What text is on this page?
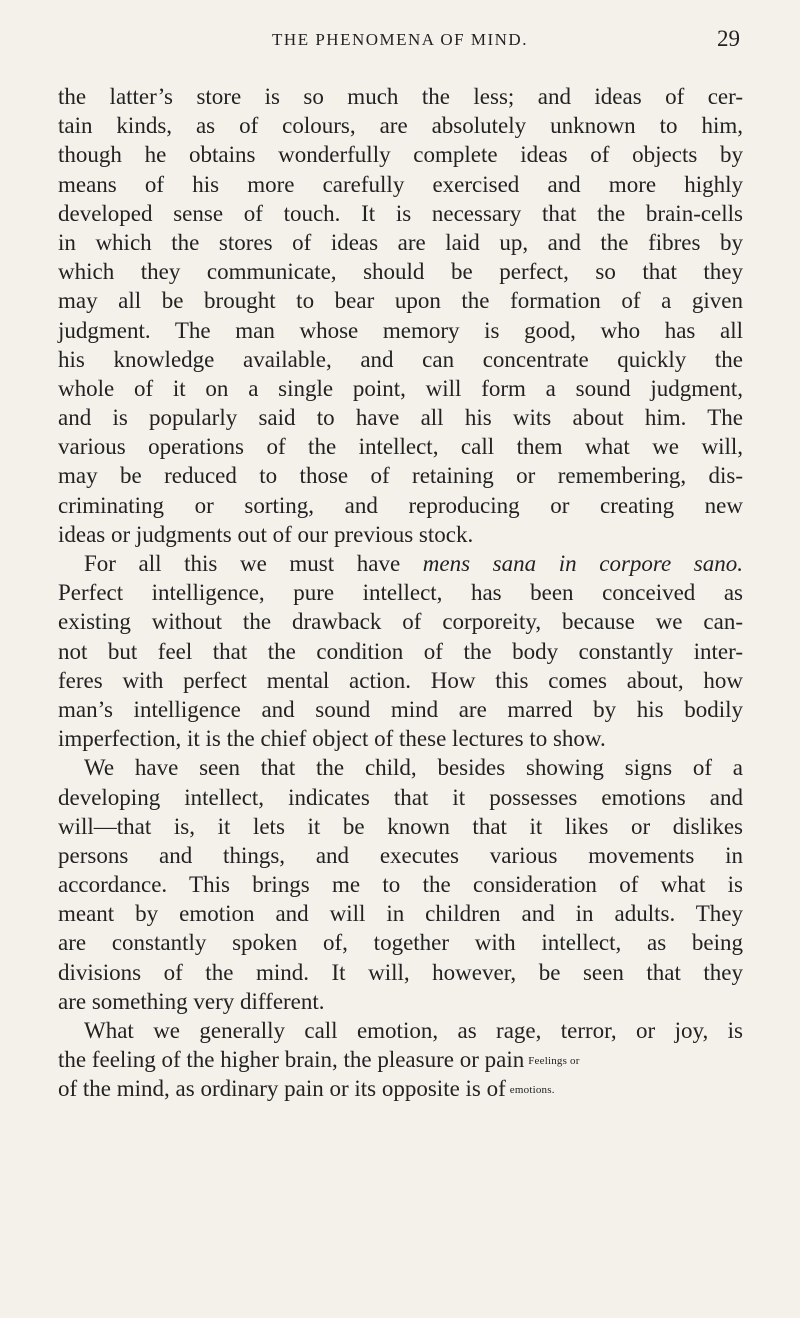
THE PHENOMENA OF MIND.	29
the latter’s store is so much the less; and ideas of cer-
tain kinds, as of colours, are absolutely unknown to him,
though he obtains wonderfully complete ideas of objects by
means of his more carefully exercised and more highly
developed sense of touch. It is necessary that the brain-cells
in which the stores of ideas are laid up, and the fibres by
which they communicate, should be perfect, so that they
may all be brought to bear upon the formation of a given
judgment. The man whose memory is good, who has all
his knowledge available, and can concentrate quickly the
whole of it on a single point, will form a sound judgment,
and is popularly said to have all his wits about him. The
various operations of the intellect, call them what we will,
may be reduced to those of retaining or remembering, dis-
criminating or sorting, and reproducing or creating new
ideas or judgments out of our previous stock.
For all this we must have mens sana in corpore sano.
Perfect intelligence, pure intellect, has been conceived as
existing without the drawback of corporeity, because we can-
not but feel that the condition of the body constantly inter-
feres with perfect mental action. How this comes about, how
man’s intelligence and sound mind are marred by his bodily
imperfection, it is the chief object of these lectures to show.
We have seen that the child, besides showing signs of a
developing intellect, indicates that it possesses emotions and
will—that is, it lets it be known that it likes or dislikes
persons and things, and executes various movements in
accordance. This brings me to the consideration of what is
meant by emotion and will in children and in adults. They
are constantly spoken of, together with intellect, as being
divisions of the mind. It will, however, be seen that they
are something very different.
What we generally call emotion, as rage, terror, or joy, is
the feeling of the higher brain, the pleasure or pain Feelings or
of the mind, as ordinary pain or its opposite is of emotions.
